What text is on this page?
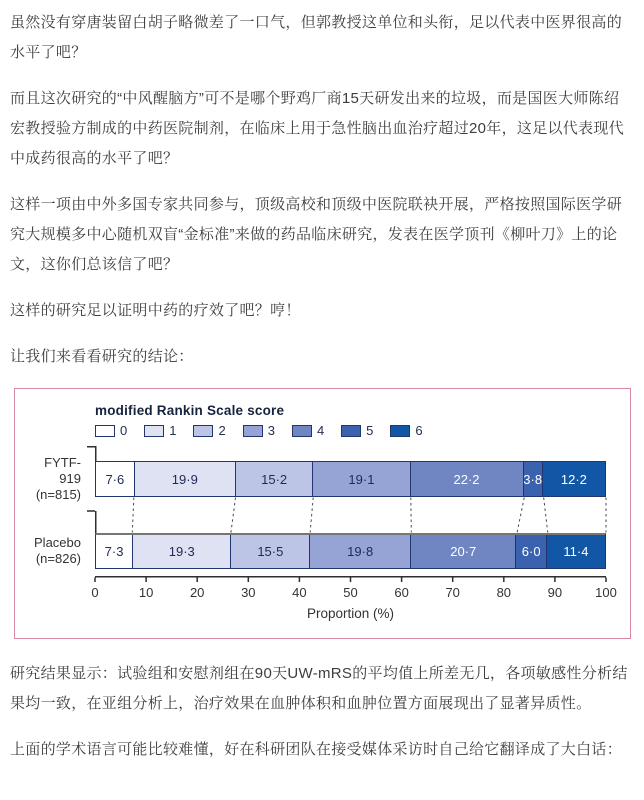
虽然没有穿唐装留白胡子略微差了一口气，但郭教授这单位和头衔，足以代表中医界很高的水平了吧？

而且这次研究的“中风醒脑方”可不是哪个野鸡厂商15天研发出来的垃圾，而是国医大师陈绍宏教授验方制成的中药医院制剂，在临床上用于急性脑出血治疗超过20年，这足以代表现代中成药很高的水平了吧？

这样一项由中外多国专家共同参与，顶级高校和顶级中医院联袂开展，严格按照国际医学研究大规模多中心随机双盲“金标准”来做的药品临床研究，发表在医学顶刊《柳叶刀》上的论文，这你们总该信了吧？

这样的研究足以证明中药的疗效了吧？哼！

让我们来看看研究的结论：

modified Rankin Scale score
0	1	2	3	4	5	6
FYTF-919
(n=815)
7·6	19·9	15·2	19·1	22·2	3·8	12·2
Placebo
(n=826)	7·3	19·3	15·5	19·8	20·7	6·0	11·4
0	10	20	30	40	50	60	70	80	90	100
Proportion (%)

研究结果显示：试验组和安慰剂组在90天UW-mRS的平均值上所差无几，各项敏感性分析结果均一致，在亚组分析上，治疗效果在血肿体积和血肿位置方面展现出了显著异质性。

上面的学术语言可能比较难懂，好在科研团队在接受媒体采访时自己给它翻译成了大白话：
